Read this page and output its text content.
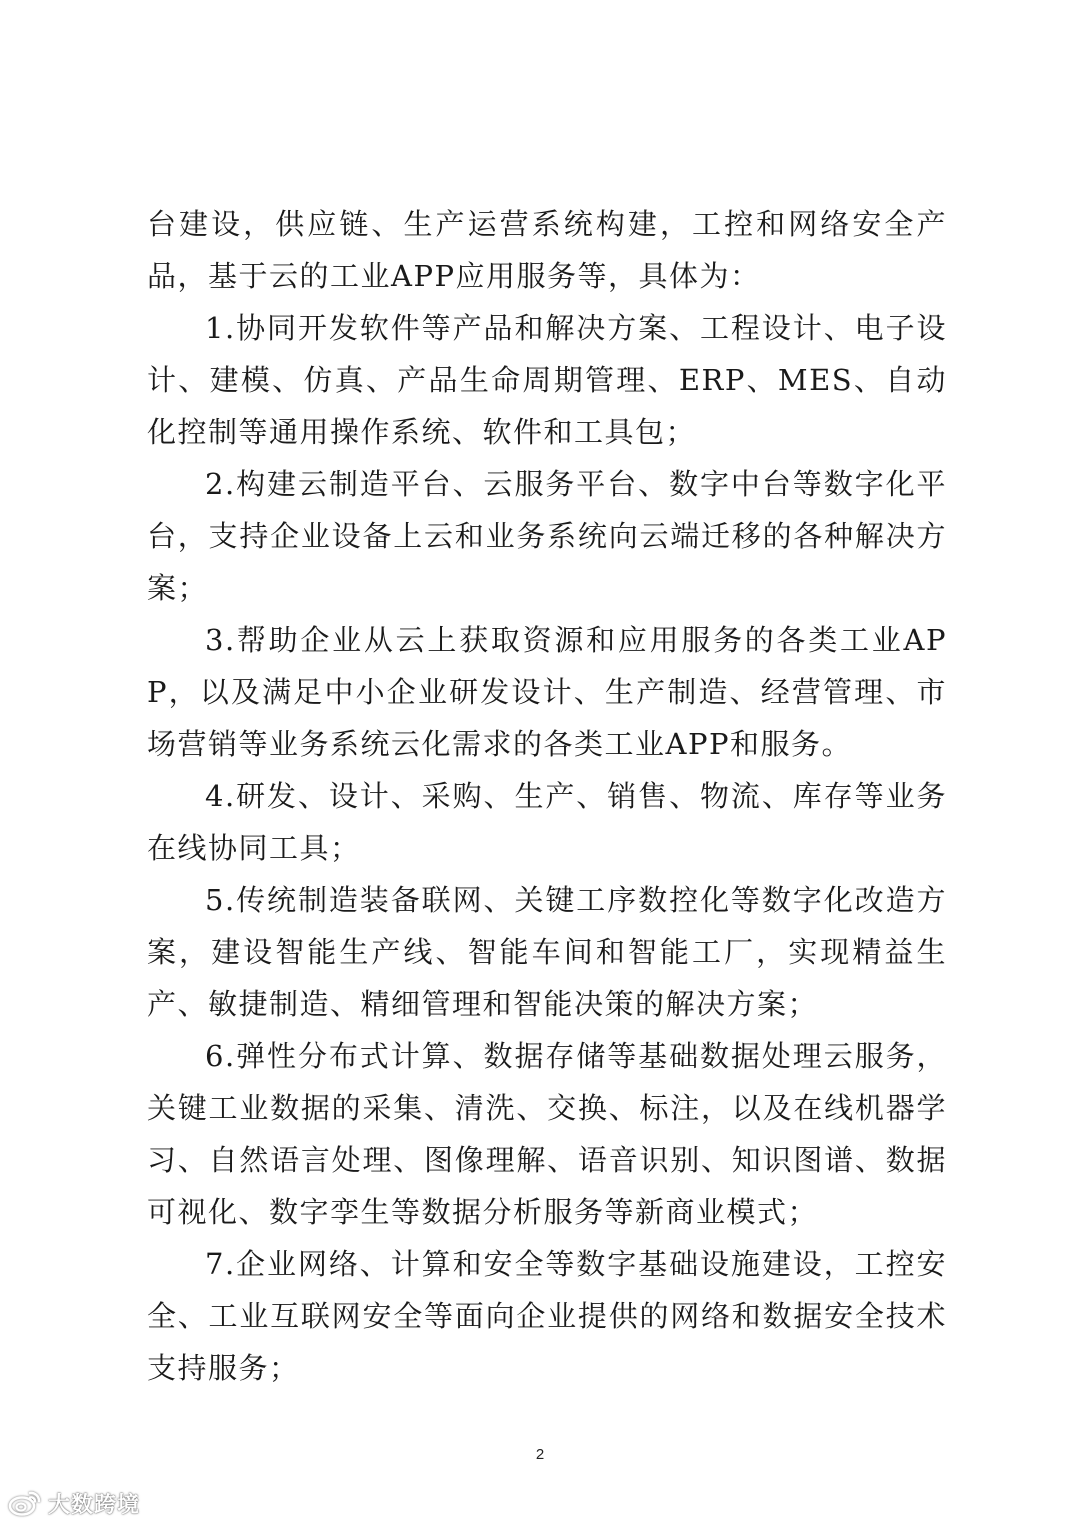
台建设，供应链、生产运营系统构建，工控和网络安全产品，基于云的工业APP应用服务等，具体为：

1.协同开发软件等产品和解决方案、工程设计、电子设计、建模、仿真、产品生命周期管理、ERP、MES、自动化控制等通用操作系统、软件和工具包；

2.构建云制造平台、云服务平台、数字中台等数字化平台，支持企业设备上云和业务系统向云端迁移的各种解决方案；

3.帮助企业从云上获取资源和应用服务的各类工业APP，以及满足中小企业研发设计、生产制造、经营管理、市场营销等业务系统云化需求的各类工业APP和服务。

4.研发、设计、采购、生产、销售、物流、库存等业务在线协同工具；

5.传统制造装备联网、关键工序数控化等数字化改造方案，建设智能生产线、智能车间和智能工厂，实现精益生产、敏捷制造、精细管理和智能决策的解决方案；

6.弹性分布式计算、数据存储等基础数据处理云服务，关键工业数据的采集、清洗、交换、标注，以及在线机器学习、自然语言处理、图像理解、语音识别、知识图谱、数据可视化、数字孪生等数据分析服务等新商业模式；

7.企业网络、计算和安全等数字基础设施建设，工控安全、工业互联网安全等面向企业提供的网络和数据安全技术支持服务；

2
大数跨境
